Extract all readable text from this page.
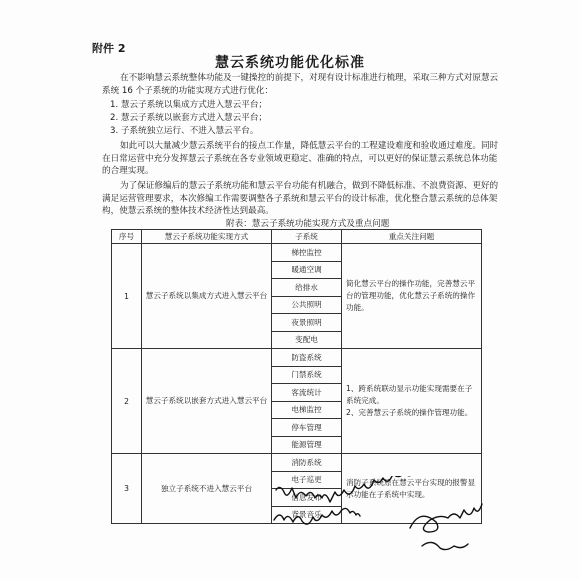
附件 2
慧云系统功能优化标准
在不影响慧云系统整体功能及一键操控的前提下，对现有设计标准进行梳理，采取三种方式对原慧云系统 16 个子系统的功能实现方式进行优化：
1. 慧云子系统以集成方式进入慧云平台；
2. 慧云子系统以嵌套方式进入慧云平台；
3. 子系统独立运行、不进入慧云平台。
如此可以大量减少慧云系统平台的接点工作量，降低慧云平台的工程建设难度和验收通过难度。同时在日常运营中充分发挥慧云子系统在各专业领域更稳定、准确的特点，可以更好的保证慧云系统总体功能的合理实现。
为了保证修编后的慧云子系统功能和慧云平台功能有机融合，做到不降低标准、不浪费资源、更好的满足运营管理要求，本次修编工作需要调整各子系统和慧云平台的设计标准，优化整合慧云系统的总体架构，使慧云系统的整体技术经济性达到最高。
附表：慧云子系统功能实现方式及重点问题
序号	慧云子系统功能实现方式	子系统	重点关注问题
1	慧云子系统以集成方式进入慧云平台	梯控监控	简化慧云平台的操作功能，完善慧云平台的管理功能，优化慧云子系统的操作功能。
		暖通空调	
		给排水	
		公共照明	
		夜景照明	
		变配电	
2	慧云子系统以嵌套方式进入慧云平台	防盗系统	1、跨系统联动显示功能实现需要在子系统完成。
2、完善慧云子系统的操作管理功能。
		门禁系统	
		客流统计	
		电梯监控	
		停车管理	
		能源管理	
3	独立子系统不进入慧云平台	消防系统	消防子系统原在慧云平台实现的报警显示功能在子系统中实现。
		电子巡更	
		信息发布	
		背景音乐	
